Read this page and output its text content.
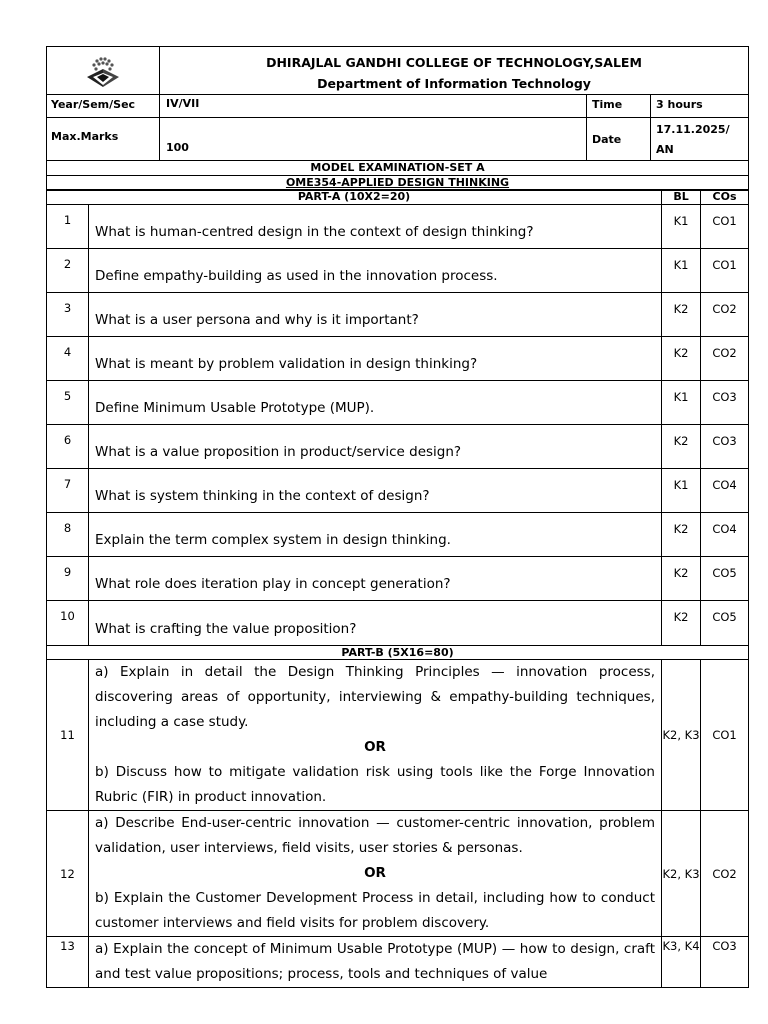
DHIRAJLAL GANDHI COLLEGE OF TECHNOLOGY,SALEM
Department of Information Technology		

Year/Sem/Sec	IV/VII	Time	3 hours
Max.Marks	100	Date	17.11.2025/
AN

MODEL EXAMINATION-SET A			
OME354-APPLIED DESIGN THINKING			
PART-A (10X2=20)		BL	COs
1	What is human-centred design in the context of design thinking?	K1	CO1
2	Define empathy-building as used in the innovation process.	K1	CO1
3	What is a user persona and why is it important?	K2	CO2
4	What is meant by problem validation in design thinking?	K2	CO2
5	Define Minimum Usable Prototype (MUP).	K1	CO3
6	What is a value proposition in product/service design?	K2	CO3
7	What is system thinking in the context of design?	K1	CO4
8	Explain the term complex system in design thinking.	K2	CO4
9	What role does iteration play in concept generation?	K2	CO5
10	What is crafting the value proposition?	K2	CO5
PART-B (5X16=80)			
11	a) Explain in detail the Design Thinking Principles — innovation process, discovering areas of opportunity, interviewing & empathy-building techniques, including a case study.
OR
b) Discuss how to mitigate validation risk using tools like the Forge Innovation Rubric (FIR) in product innovation.	K2, K3	CO1
12	a) Describe End-user-centric innovation — customer-centric innovation, problem validation, user interviews, field visits, user stories & personas.
OR
b) Explain the Customer Development Process in detail, including how to conduct customer interviews and field visits for problem discovery.	K2, K3	CO2
13	a) Explain the concept of Minimum Usable Prototype (MUP) — how to design, craft and test value propositions; process, tools and techniques of value	K3, K4	CO3
